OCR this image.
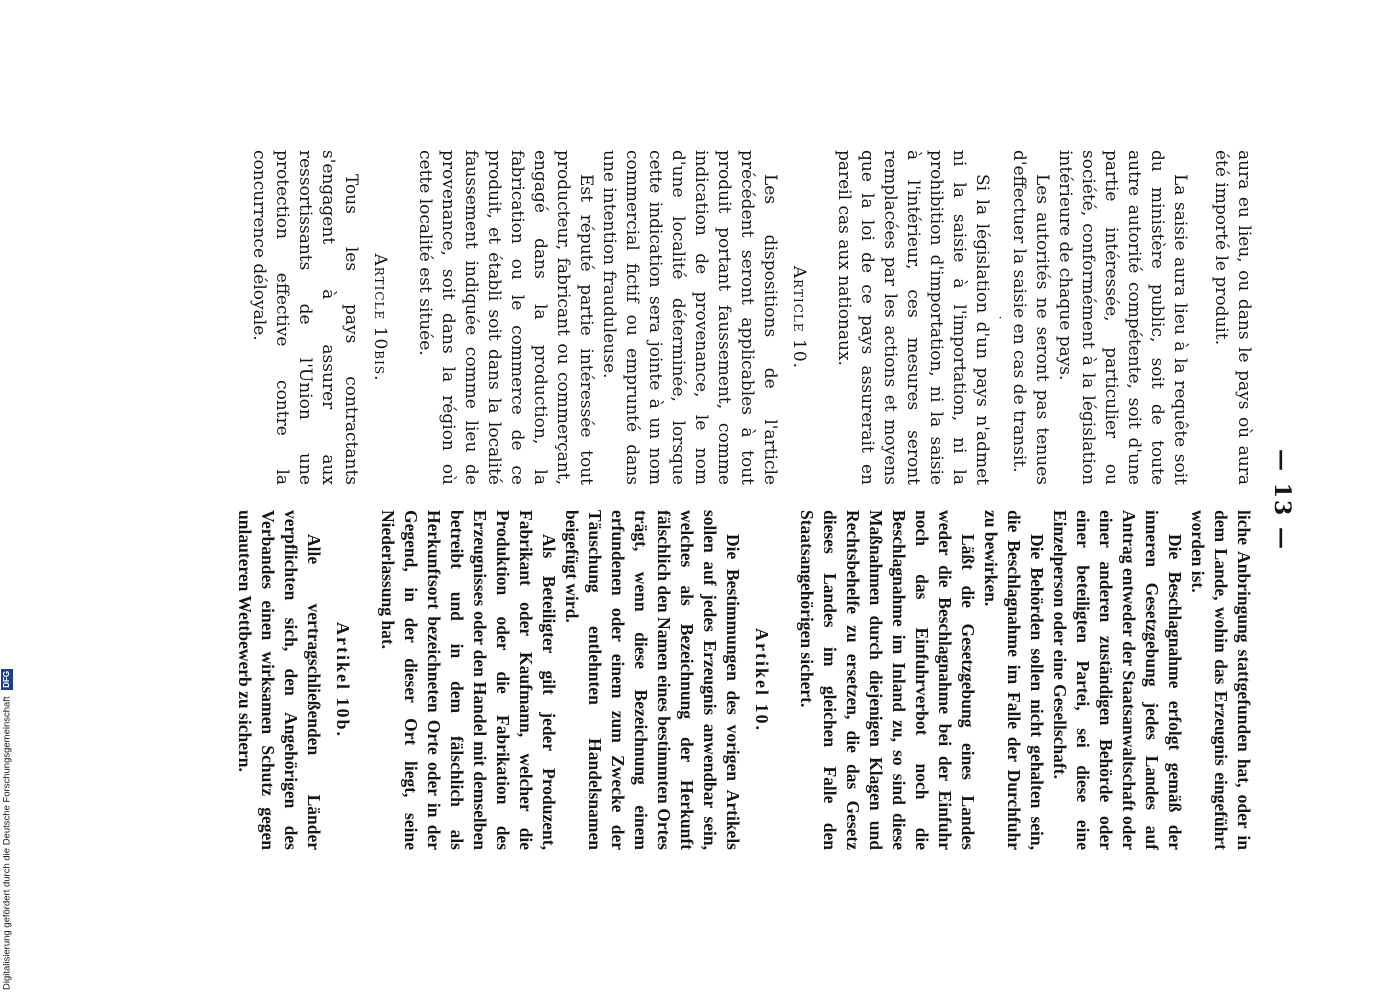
— 13 —

aura eu lieu, ou dans le pays où aura été importé le produit.

La saisie aura lieu à la requête soit du ministère public, soit de toute autre autorité compétente, soit d'une partie intéressée, particulier ou société, conformément à la législation intérieure de chaque pays.

Les autorités ne seront pas tenues d'effectuer la saisie en cas de transit.

·

Si la législation d'un pays n'admet ni la saisie à l'importation, ni la prohibition d'importation, ni la saisie à l'intérieur, ces mesures seront remplacées par les actions et moyens que la loi de ce pays assurerait en pareil cas aux nationaux.

Article 10.

Les dispositions de l'article précédent seront applicables à tout produit portant faussement, comme indication de provenance, le nom d'une localité déterminée, lorsque cette indication sera jointe à un nom commercial fictif ou emprunté dans une intention frauduleuse.

Est réputé partie intéressée tout producteur, fabricant ou commerçant, engagé dans la production, la fabrication ou le commerce de ce produit, et établi soit dans la localité faussement indiquée comme lieu de provenance, soit dans la région où cette localité est située.

Article 10bis.

Tous les pays contractants s'engagent à assurer aux ressortissants de l'Union une protection effective contre la concurrence déloyale.

liche Anbringung stattgefunden hat, oder in dem Lande, wohin das Erzeugnis eingeführt worden ist.

Die Beschlagnahme erfolgt gemäß der inneren Gesetzgebung jedes Landes auf Antrag entweder der Staatsanwaltschaft oder einer anderen zuständigen Behörde oder einer beteiligten Partei, sei diese eine Einzelperson oder eine Gesellschaft.

Die Behörden sollen nicht gehalten sein, die Beschlagnahme im Falle der Durchfuhr zu bewirken.

Läßt die Gesetzgebung eines Landes weder die Beschlagnahme bei der Einfuhr noch das Einfuhrverbot noch die Beschlagnahme im Inland zu, so sind diese Maßnahmen durch diejenigen Klagen und Rechtsbehelfe zu ersetzen, die das Gesetz dieses Landes im gleichen Falle den Staatsangehörigen sichert.

Artikel 10.

Die Bestimmungen des vorigen Artikels sollen auf jedes Erzeugnis anwendbar sein, welches als Bezeichnung der Herkunft fälschlich den Namen eines bestimmten Ortes trägt, wenn diese Bezeichnung einem erfundenen oder einem zum Zwecke der Täuschung entlehnten Handelsnamen beigefügt wird.

Als Beteiligter gilt jeder Produzent, Fabrikant oder Kaufmann, welcher die Produktion oder die Fabrikation des Erzeugnisses oder den Handel mit demselben betreibt und in dem fälschlich als Herkunftsort bezeichneten Orte oder in der Gegend, in der dieser Ort liegt, seine Niederlassung hat.

Artikel 10b.

Alle vertragschließenden Länder verpflichten sich, den Angehörigen des Verbandes einen wirksamen Schutz gegen unlauteren Wettbewerb zu sichern.

Digitalisierung gefördert durch die Deutsche Forschungsgemeinschaft DFG
